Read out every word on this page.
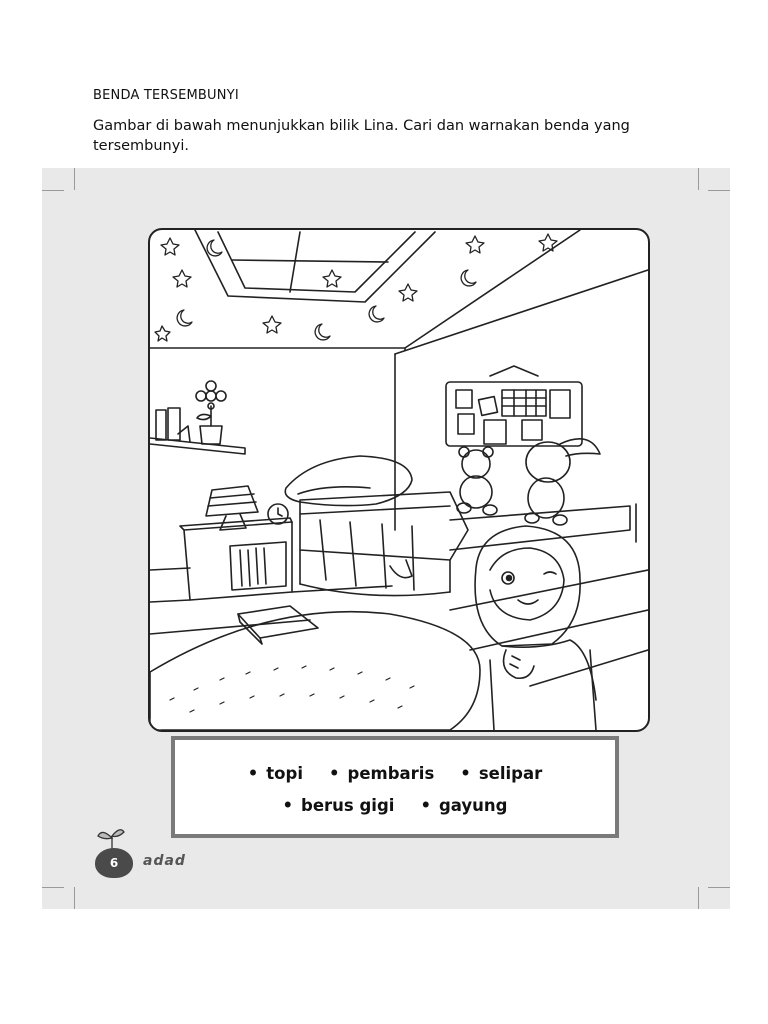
BENDA TERSEMBUNYI
Gambar di bawah menunjukkan bilik Lina. Cari dan warnakan benda yang tersembunyi.
• topi	• pembaris	• selipar
• berus gigi	• gayung
6	adad
